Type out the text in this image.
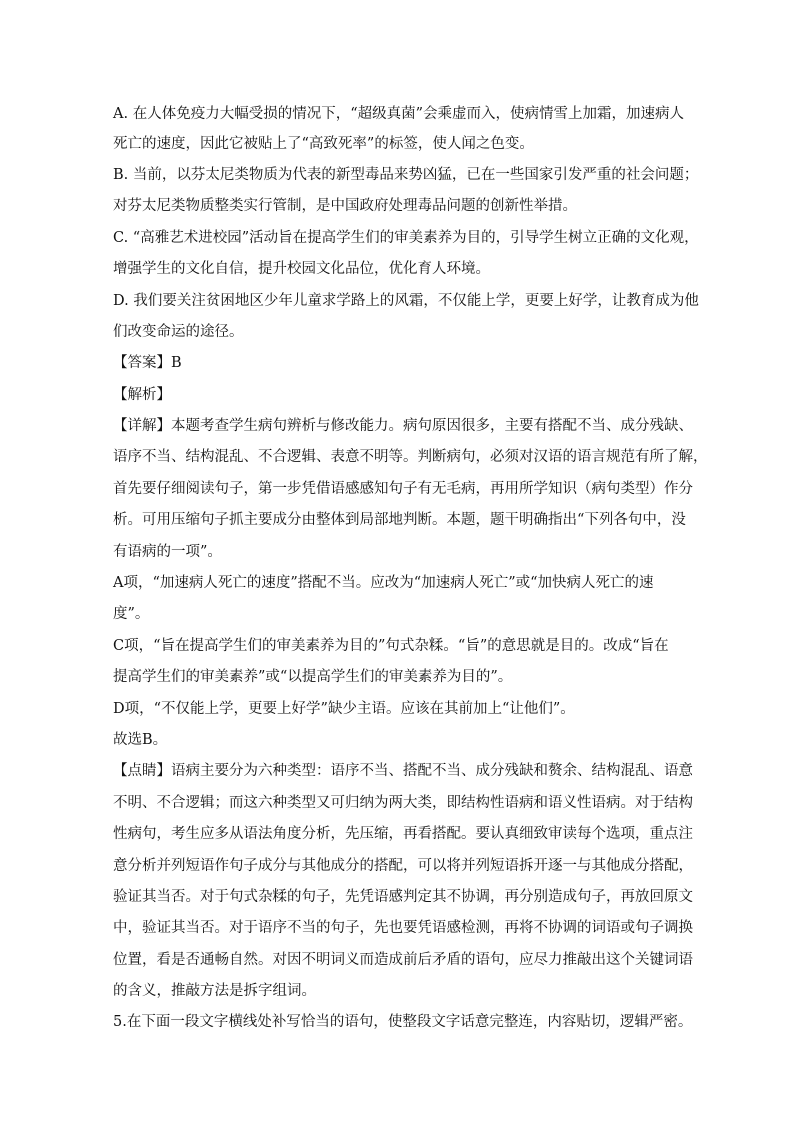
A. 在人体免疫力大幅受损的情况下，“超级真菌”会乘虚而入，使病情雪上加霜，加速病人
死亡的速度，因此它被贴上了“高致死率”的标签，使人闻之色变。
B. 当前，以芬太尼类物质为代表的新型毒品来势凶猛，已在一些国家引发严重的社会问题；
对芬太尼类物质整类实行管制，是中国政府处理毒品问题的创新性举措。
C. “高雅艺术进校园”活动旨在提高学生们的审美素养为目的，引导学生树立正确的文化观，
增强学生的文化自信，提升校园文化品位，优化育人环境。
D. 我们要关注贫困地区少年儿童求学路上的风霜，不仅能上学，更要上好学，让教育成为他
们改变命运的途径。
【答案】B
【解析】
【详解】本题考查学生病句辨析与修改能力。病句原因很多，主要有搭配不当、成分残缺、
语序不当、结构混乱、不合逻辑、表意不明等。判断病句，必须对汉语的语言规范有所了解，
首先要仔细阅读句子，第一步凭借语感感知句子有无毛病，再用所学知识（病句类型）作分
析。可用压缩句子抓主要成分由整体到局部地判断。本题，题干明确指出“下列各句中，没
有语病的一项”。
A项，“加速病人死亡的速度”搭配不当。应改为“加速病人死亡”或“加快病人死亡的速
度”。
C项，“旨在提高学生们的审美素养为目的”句式杂糅。“旨”的意思就是目的。改成“旨在
提高学生们的审美素养”或“以提高学生们的审美素养为目的”。
D项，“不仅能上学，更要上好学”缺少主语。应该在其前加上“让他们”。
故选B。
【点睛】语病主要分为六种类型：语序不当、搭配不当、成分残缺和赘余、结构混乱、语意
不明、不合逻辑；而这六种类型又可归纳为两大类，即结构性语病和语义性语病。对于结构
性病句，考生应多从语法角度分析，先压缩，再看搭配。要认真细致审读每个选项，重点注
意分析并列短语作句子成分与其他成分的搭配，可以将并列短语拆开逐一与其他成分搭配，
验证其当否。对于句式杂糅的句子，先凭语感判定其不协调，再分别造成句子，再放回原文
中，验证其当否。对于语序不当的句子，先也要凭语感检测，再将不协调的词语或句子调换
位置，看是否通畅自然。对因不明词义而造成前后矛盾的语句，应尽力推敲出这个关键词语
的含义，推敲方法是拆字组词。
5.在下面一段文字横线处补写恰当的语句，使整段文字话意完整连，内容贴切，逻辑严密。
